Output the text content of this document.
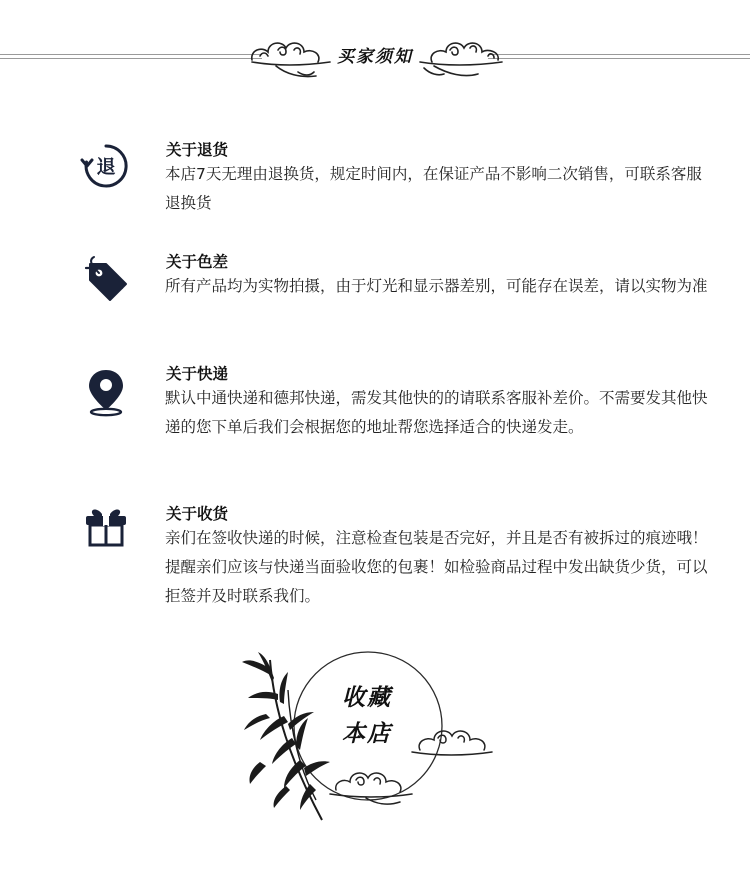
买家须知
退
关于退货
本店7天无理由退换货，规定时间内，在保证产品不影响二次销售，可联系客服退换货
关于色差
所有产品均为实物拍摄，由于灯光和显示器差别，可能存在误差，请以实物为准
关于快递
默认中通快递和德邦快递，需发其他快的的请联系客服补差价。不需要发其他快递的您下单后我们会根据您的地址帮您选择适合的快递发走。
关于收货
亲们在签收快递的时候，注意检查包装是否完好，并且是否有被拆过的痕迹哦！提醒亲们应该与快递当面验收您的包裹！如检验商品过程中发出缺货少货，可以拒签并及时联系我们。
收藏
本店
